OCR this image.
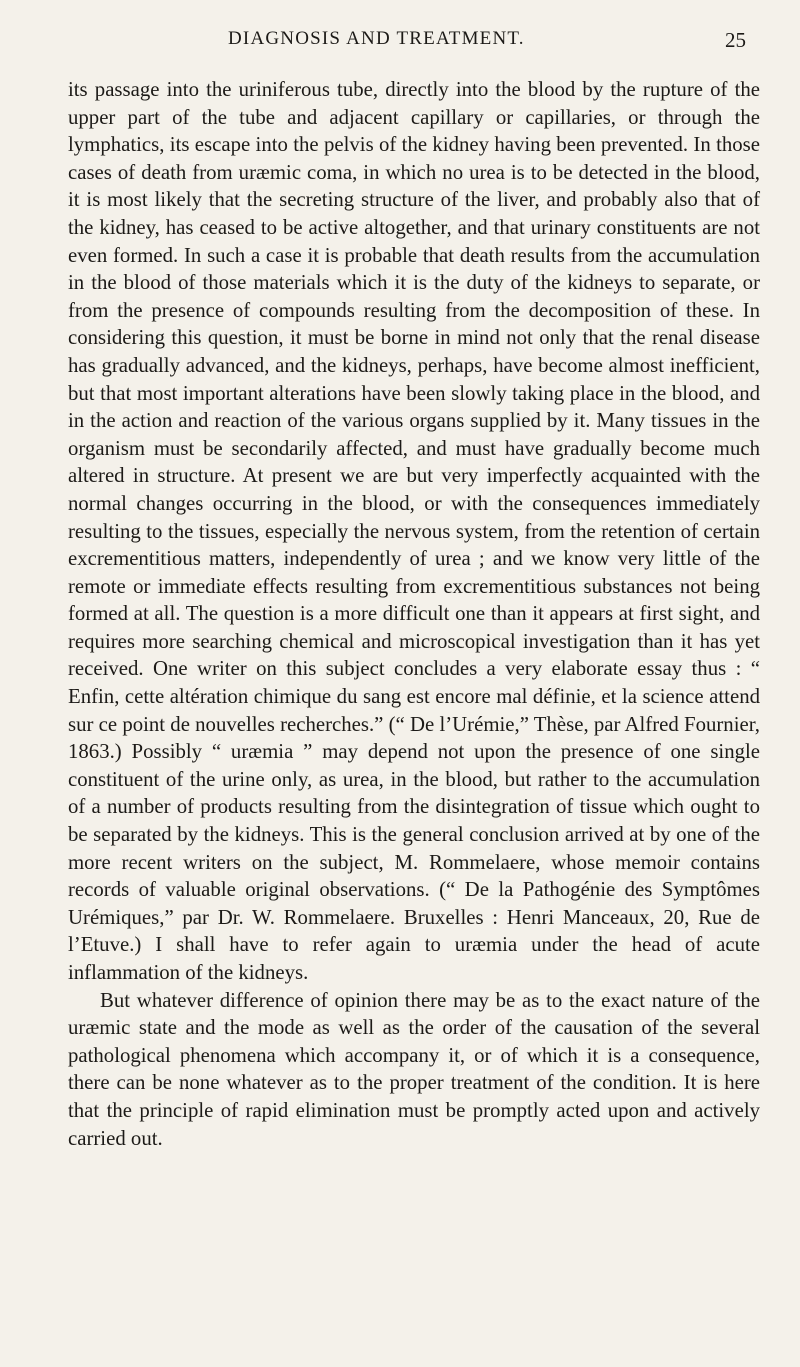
DIAGNOSIS AND TREATMENT.	25

its passage into the uriniferous tube, directly into the blood by the rupture of the upper part of the tube and adjacent capillary or capillaries, or through the lymphatics, its escape into the pelvis of the kidney having been prevented. In those cases of death from uræmic coma, in which no urea is to be detected in the blood, it is most likely that the secreting structure of the liver, and probably also that of the kidney, has ceased to be active altogether, and that urinary constituents are not even formed. In such a case it is probable that death results from the accumulation in the blood of those materials which it is the duty of the kidneys to separate, or from the presence of compounds resulting from the decomposition of these. In considering this question, it must be borne in mind not only that the renal disease has gradually advanced, and the kidneys, perhaps, have become almost inefficient, but that most important alterations have been slowly taking place in the blood, and in the action and reaction of the various organs supplied by it. Many tissues in the organism must be secondarily affected, and must have gradually become much altered in structure. At present we are but very imperfectly acquainted with the normal changes occurring in the blood, or with the consequences immediately resulting to the tissues, especially the nervous system, from the retention of certain excrementitious matters, independently of urea ; and we know very little of the remote or immediate effects resulting from excrementitious substances not being formed at all. The question is a more difficult one than it appears at first sight, and requires more searching chemical and microscopical investigation than it has yet received. One writer on this subject concludes a very elaborate essay thus : “ Enfin, cette altération chimique du sang est encore mal définie, et la science attend sur ce point de nouvelles recherches.” (“ De l’Urémie,” Thèse, par Alfred Fournier, 1863.) Possibly “ uræmia ” may depend not upon the presence of one single constituent of the urine only, as urea, in the blood, but rather to the accumulation of a number of products resulting from the disintegration of tissue which ought to be separated by the kidneys. This is the general conclusion arrived at by one of the more recent writers on the subject, M. Rommelaere, whose memoir contains records of valuable original observations. (“ De la Pathogénie des Symptômes Urémiques,” par Dr. W. Rommelaere. Bruxelles : Henri Manceaux, 20, Rue de l’Etuve.) I shall have to refer again to uræmia under the head of acute inflammation of the kidneys.

But whatever difference of opinion there may be as to the exact nature of the uræmic state and the mode as well as the order of the causation of the several pathological phenomena which accompany it, or of which it is a consequence, there can be none whatever as to the proper treatment of the condition. It is here that the principle of rapid elimination must be promptly acted upon and actively carried out.
